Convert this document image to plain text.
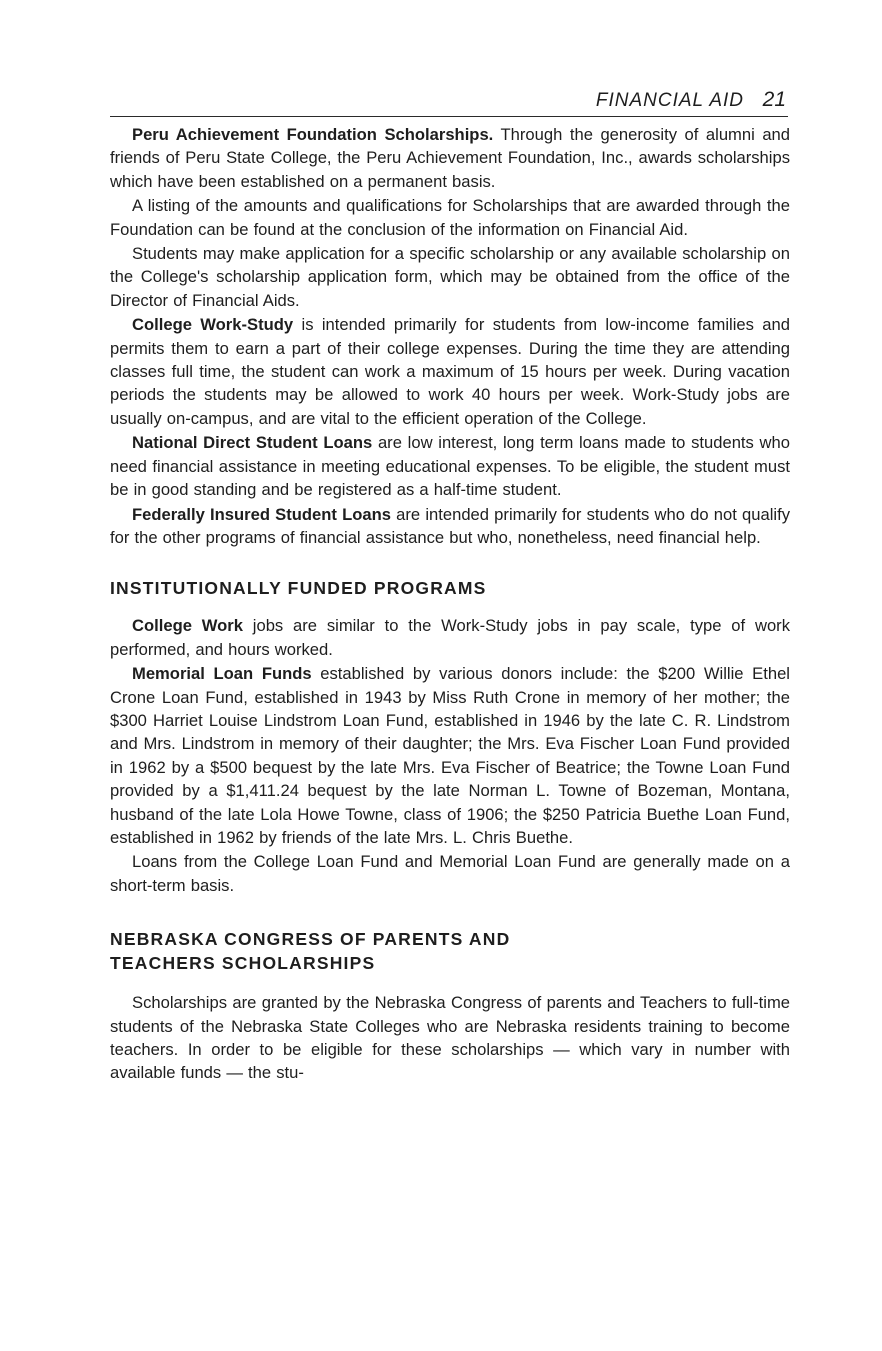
FINANCIAL AID 21

Peru Achievement Foundation Scholarships. Through the generosity of alumni and friends of Peru State College, the Peru Achievement Foundation, Inc., awards scholarships which have been established on a permanent basis.

A listing of the amounts and qualifications for Scholarships that are awarded through the Foundation can be found at the conclusion of the information on Financial Aid.

Students may make application for a specific scholarship or any available scholarship on the College's scholarship application form, which may be obtained from the office of the Director of Financial Aids.

College Work-Study is intended primarily for students from low-income families and permits them to earn a part of their college expenses. During the time they are attending classes full time, the student can work a maximum of 15 hours per week. During vacation periods the students may be allowed to work 40 hours per week. Work-Study jobs are usually on-campus, and are vital to the efficient operation of the College.

National Direct Student Loans are low interest, long term loans made to students who need financial assistance in meeting educational expenses. To be eligible, the student must be in good standing and be registered as a half-time student.

Federally Insured Student Loans are intended primarily for students who do not qualify for the other programs of financial assistance but who, nonetheless, need financial help.

INSTITUTIONALLY FUNDED PROGRAMS

College Work jobs are similar to the Work-Study jobs in pay scale, type of work performed, and hours worked.

Memorial Loan Funds established by various donors include: the $200 Willie Ethel Crone Loan Fund, established in 1943 by Miss Ruth Crone in memory of her mother; the $300 Harriet Louise Lindstrom Loan Fund, established in 1946 by the late C. R. Lindstrom and Mrs. Lindstrom in memory of their daughter; the Mrs. Eva Fischer Loan Fund provided in 1962 by a $500 bequest by the late Mrs. Eva Fischer of Beatrice; the Towne Loan Fund provided by a $1,411.24 bequest by the late Norman L. Towne of Bozeman, Montana, husband of the late Lola Howe Towne, class of 1906; the $250 Patricia Buethe Loan Fund, established in 1962 by friends of the late Mrs. L. Chris Buethe.

Loans from the College Loan Fund and Memorial Loan Fund are generally made on a short-term basis.

NEBRASKA CONGRESS OF PARENTS AND
TEACHERS SCHOLARSHIPS

Scholarships are granted by the Nebraska Congress of parents and Teachers to full-time students of the Nebraska State Colleges who are Nebraska residents training to become teachers. In order to be eligible for these scholarships — which vary in number with available funds — the stu-
